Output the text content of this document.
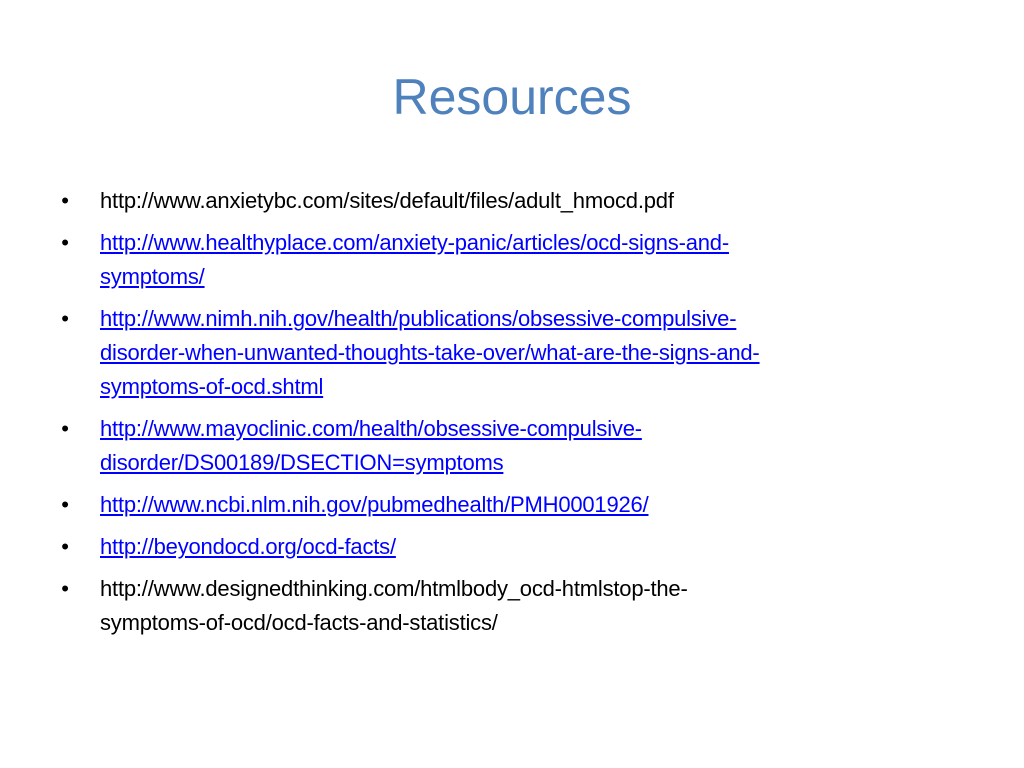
Resources
• http://www.anxietybc.com/sites/default/files/adult_hmocd.pdf
• http://www.healthyplace.com/anxiety-panic/articles/ocd-signs-and-
symptoms/
• http://www.nimh.nih.gov/health/publications/obsessive-compulsive-
disorder-when-unwanted-thoughts-take-over/what-are-the-signs-and-
symptoms-of-ocd.shtml
• http://www.mayoclinic.com/health/obsessive-compulsive-
disorder/DS00189/DSECTION=symptoms
• http://www.ncbi.nlm.nih.gov/pubmedhealth/PMH0001926/
• http://beyondocd.org/ocd-facts/
• http://www.designedthinking.com/htmlbody_ocd-htmlstop-the-
symptoms-of-ocd/ocd-facts-and-statistics/
